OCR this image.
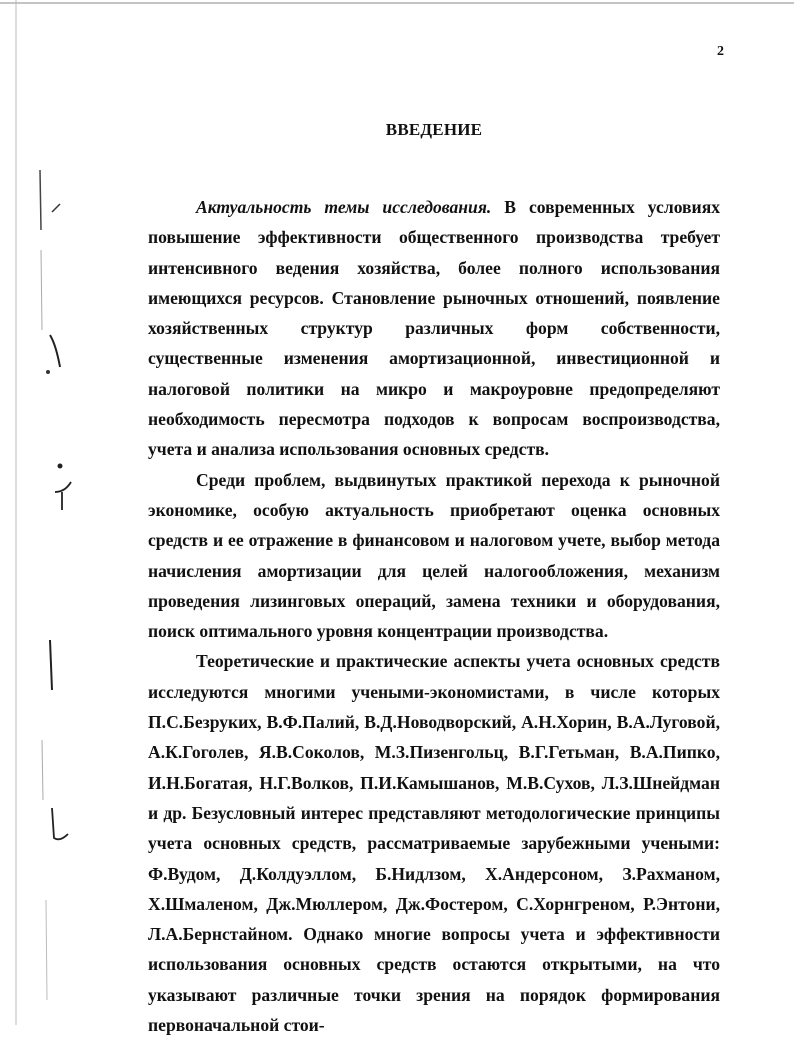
2
ВВЕДЕНИЕ

Актуальность темы исследования. В современных условиях повышение эффективности общественного производства требует интенсивного ведения хозяйства, более полного использования имеющихся ресурсов. Становление рыночных отношений, появление хозяйственных структур различных форм собственности, существенные изменения амортизационной, инвестиционной и налоговой политики на микро и макроуровне предопределяют необходимость пересмотра подходов к вопросам воспроизводства, учета и анализа использования основных средств.

Среди проблем, выдвинутых практикой перехода к рыночной экономике, особую актуальность приобретают оценка основных средств и ее отражение в финансовом и налоговом учете, выбор метода начисления амортизации для целей налогообложения, механизм проведения лизинговых операций, замена техники и оборудования, поиск оптимального уровня концентрации производства.

Теоретические и практические аспекты учета основных средств исследуются многими учеными-экономистами, в числе которых П.С.Безруких, В.Ф.Палий, В.Д.Новодворский, А.Н.Хорин, В.А.Луговой, А.К.Гоголев, Я.В.Соколов, М.З.Пизенгольц, В.Г.Гетьман, В.А.Пипко, И.Н.Богатая, Н.Г.Волков, П.И.Камышанов, М.В.Сухов, Л.З.Шнейдман и др. Безусловный интерес представляют методологические принципы учета основных средств, рассматриваемые зарубежными учеными: Ф.Вудом, Д.Колдуэллом, Б.Нидлзом, Х.Андерсоном, З.Рахманом, Х.Шмаленом, Дж.Мюллером, Дж.Фостером, С.Хорнгреном, Р.Энтони, Л.А.Бернстайном. Однако многие вопросы учета и эффективности использования основных средств остаются открытыми, на что указывают различные точки зрения на порядок формирования первоначальной стои-
